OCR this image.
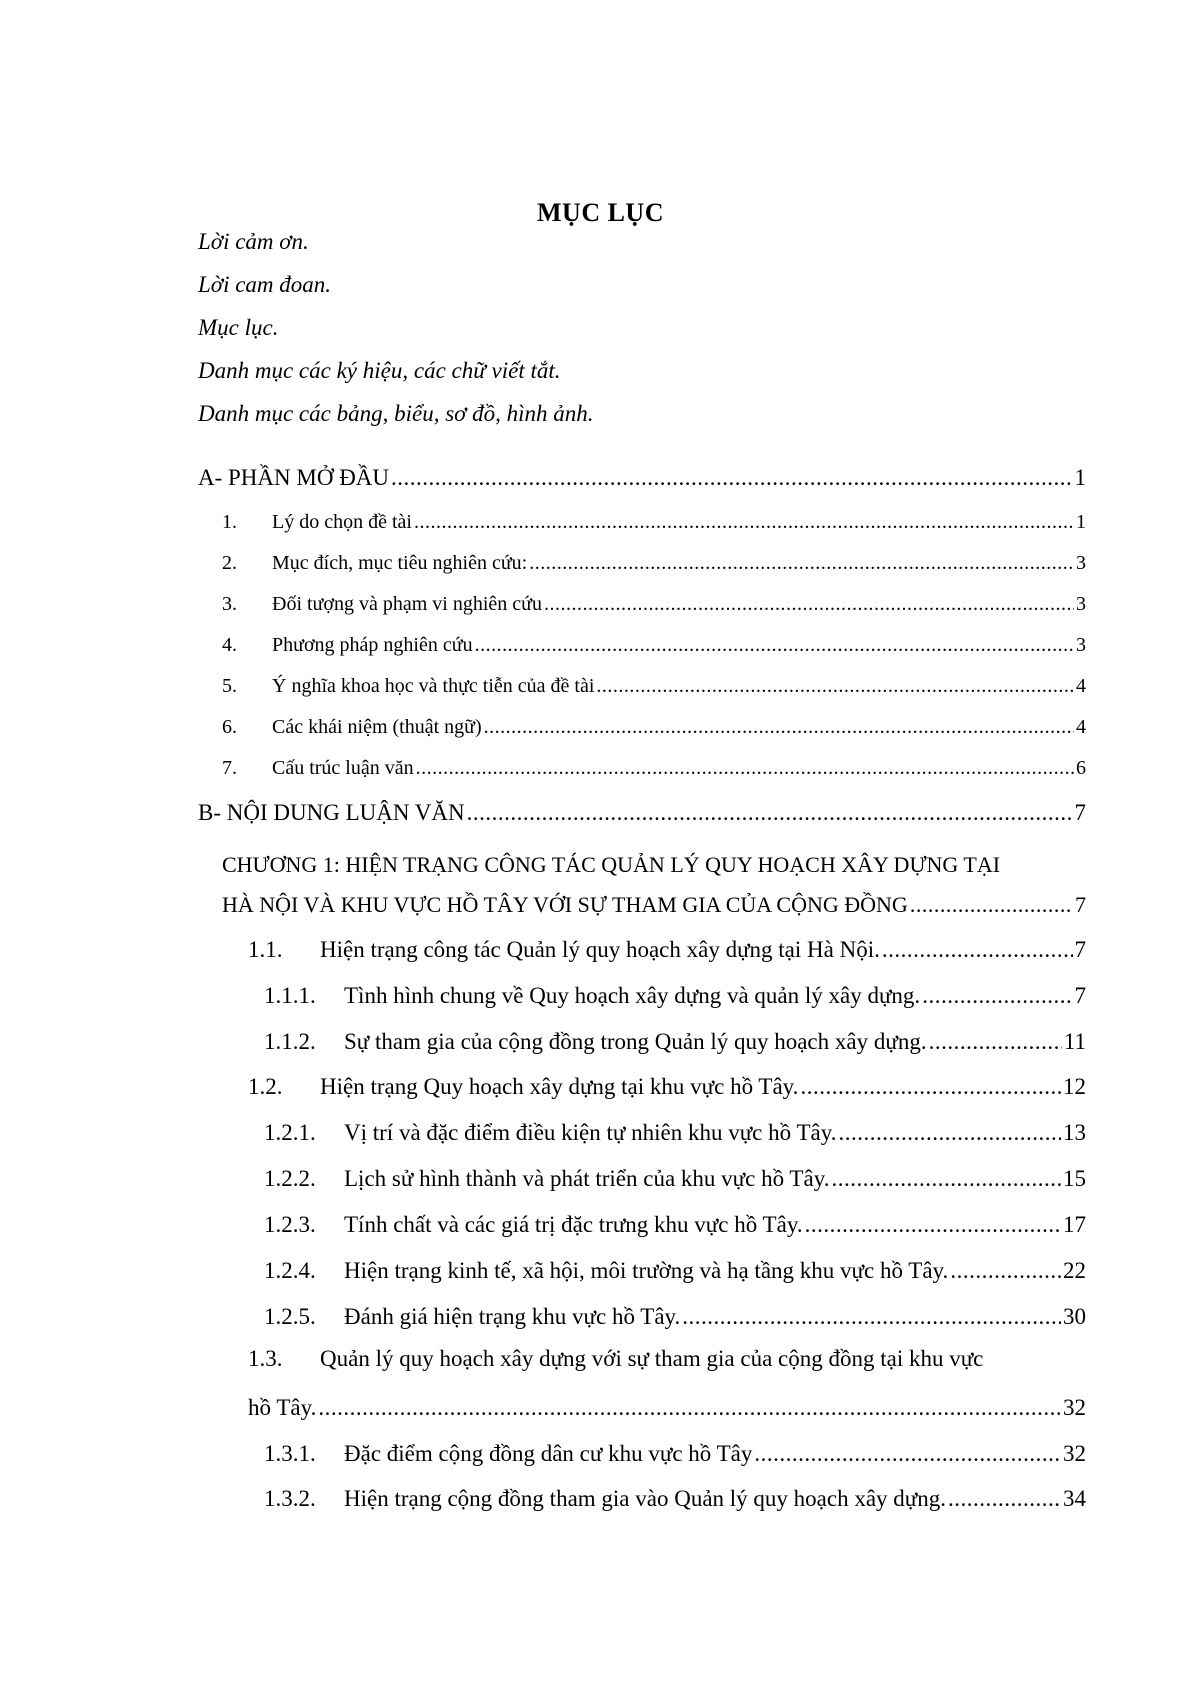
MỤC LỤC
Lời cảm ơn.
Lời cam đoan.
Mục lục.
Danh mục các ký hiệu, các chữ viết tắt.
Danh mục các bảng, biểu, sơ đồ, hình ảnh.
A- PHẦN MỞ ĐẦU .....	1
1.	Lý do chọn đề tài .....	1
2.	Mục đích, mục tiêu nghiên cứu: .....	3
3.	Đối tượng và phạm vi nghiên cứu .....	3
4.	Phương pháp nghiên cứu .....	3
5.	Ý nghĩa khoa học và thực tiễn của đề tài .....	4
6.	Các khái niệm (thuật ngữ) .....	4
7.	Cấu trúc luận văn .....	6
B- NỘI DUNG LUẬN VĂN .....	7
CHƯƠNG 1: HIỆN TRẠNG CÔNG TÁC QUẢN LÝ QUY HOẠCH XÂY DỰNG TẠI
HÀ NỘI VÀ KHU VỰC HỒ TÂY VỚI SỰ THAM GIA CỦA CỘNG ĐỒNG .....	7
1.1.	Hiện trạng công tác Quản lý quy hoạch xây dựng tại Hà Nội. .....	7
1.1.1.	Tình hình chung về Quy hoạch xây dựng và quản lý xây dựng. .....	7
1.1.2.	Sự tham gia của cộng đồng trong Quản lý quy hoạch xây dựng. .....	11
1.2.	Hiện trạng Quy hoạch xây dựng tại khu vực hồ Tây. .....	12
1.2.1.	Vị trí và đặc điểm điều kiện tự nhiên khu vực hồ Tây. .....	13
1.2.2.	Lịch sử hình thành và phát triển của khu vực hồ Tây. .....	15
1.2.3.	Tính chất và các giá trị đặc trưng khu vực hồ Tây. .....	17
1.2.4.	Hiện trạng kinh tế, xã hội, môi trường và hạ tầng khu vực hồ Tây. .....	22
1.2.5.	Đánh giá hiện trạng khu vực hồ Tây. .....	30
1.3. Quản lý quy hoạch xây dựng với sự tham gia của cộng đồng tại khu vực
hồ Tây. .....	32
1.3.1.	Đặc điểm cộng đồng dân cư khu vực hồ Tây .....	32
1.3.2.	Hiện trạng cộng đồng tham gia vào Quản lý quy hoạch xây dựng. .....	34
